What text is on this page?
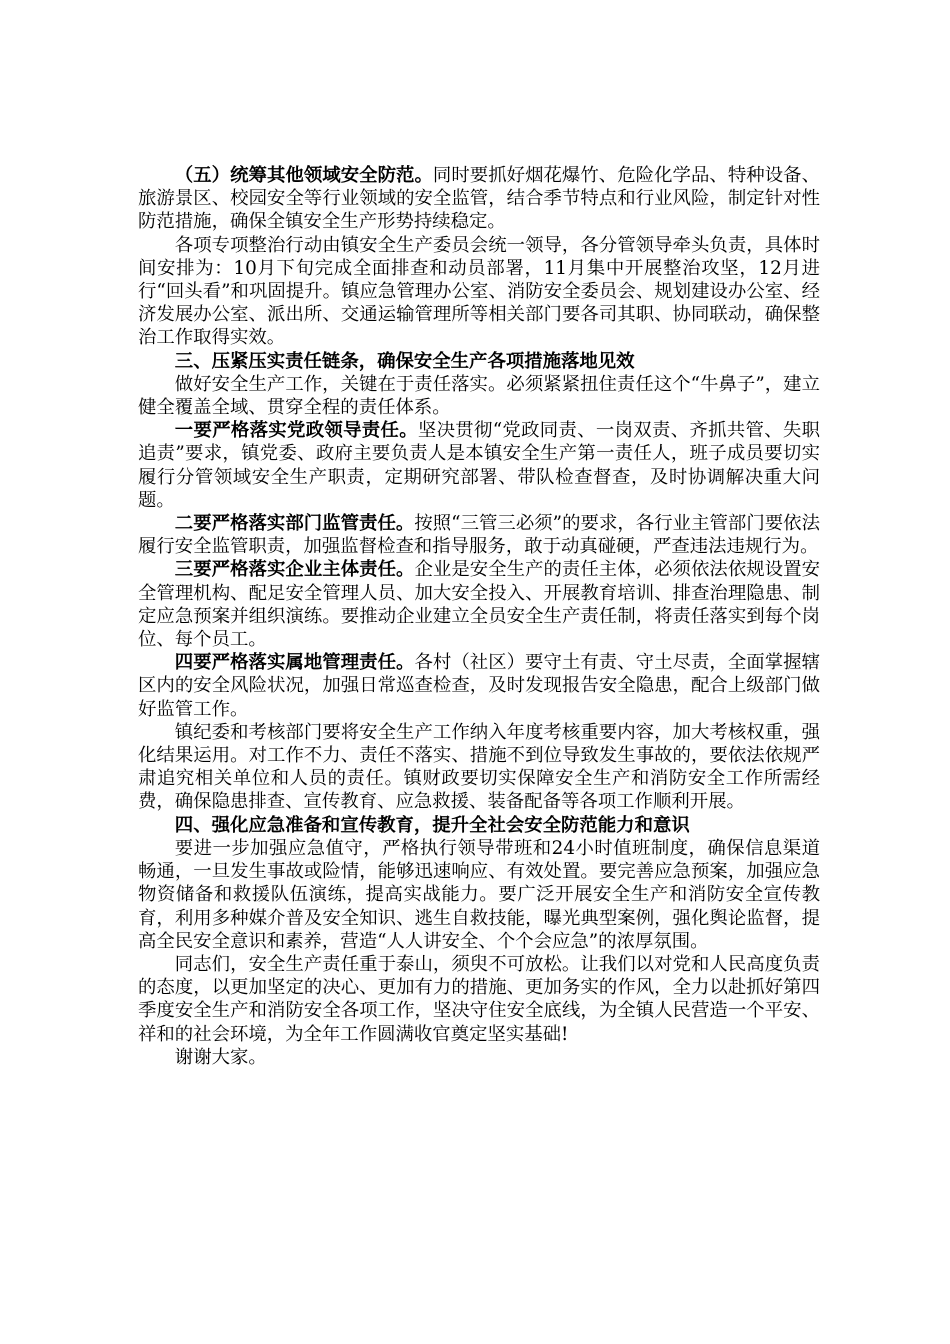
（五）统筹其他领域安全防范。同时要抓好烟花爆竹、危险化学品、特种设备、旅游景区、校园安全等行业领域的安全监管，结合季节特点和行业风险，制定针对性防范措施，确保全镇安全生产形势持续稳定。

各项专项整治行动由镇安全生产委员会统一领导，各分管领导牵头负责，具体时间安排为：10月下旬完成全面排查和动员部署，11月集中开展整治攻坚，12月进行“回头看”和巩固提升。镇应急管理办公室、消防安全委员会、规划建设办公室、经济发展办公室、派出所、交通运输管理所等相关部门要各司其职、协同联动，确保整治工作取得实效。

三、压紧压实责任链条，确保安全生产各项措施落地见效

做好安全生产工作，关键在于责任落实。必须紧紧扭住责任这个“牛鼻子”，建立健全覆盖全域、贯穿全程的责任体系。

一要严格落实党政领导责任。坚决贯彻“党政同责、一岗双责、齐抓共管、失职追责”要求，镇党委、政府主要负责人是本镇安全生产第一责任人，班子成员要切实履行分管领域安全生产职责，定期研究部署、带队检查督查，及时协调解决重大问题。

二要严格落实部门监管责任。按照“三管三必须”的要求，各行业主管部门要依法履行安全监管职责，加强监督检查和指导服务，敢于动真碰硬，严查违法违规行为。

三要严格落实企业主体责任。企业是安全生产的责任主体，必须依法依规设置安全管理机构、配足安全管理人员、加大安全投入、开展教育培训、排查治理隐患、制定应急预案并组织演练。要推动企业建立全员安全生产责任制，将责任落实到每个岗位、每个员工。

四要严格落实属地管理责任。各村（社区）要守土有责、守土尽责，全面掌握辖区内的安全风险状况，加强日常巡查检查，及时发现报告安全隐患，配合上级部门做好监管工作。

镇纪委和考核部门要将安全生产工作纳入年度考核重要内容，加大考核权重，强化结果运用。对工作不力、责任不落实、措施不到位导致发生事故的，要依法依规严肃追究相关单位和人员的责任。镇财政要切实保障安全生产和消防安全工作所需经费，确保隐患排查、宣传教育、应急救援、装备配备等各项工作顺利开展。

四、强化应急准备和宣传教育，提升全社会安全防范能力和意识

要进一步加强应急值守，严格执行领导带班和24小时值班制度，确保信息渠道畅通，一旦发生事故或险情，能够迅速响应、有效处置。要完善应急预案，加强应急物资储备和救援队伍演练，提高实战能力。要广泛开展安全生产和消防安全宣传教育，利用多种媒介普及安全知识、逃生自救技能，曝光典型案例，强化舆论监督，提高全民安全意识和素养，营造“人人讲安全、个个会应急”的浓厚氛围。

同志们，安全生产责任重于泰山，须臾不可放松。让我们以对党和人民高度负责的态度，以更加坚定的决心、更加有力的措施、更加务实的作风，全力以赴抓好第四季度安全生产和消防安全各项工作，坚决守住安全底线，为全镇人民营造一个平安、祥和的社会环境，为全年工作圆满收官奠定坚实基础!

谢谢大家。
